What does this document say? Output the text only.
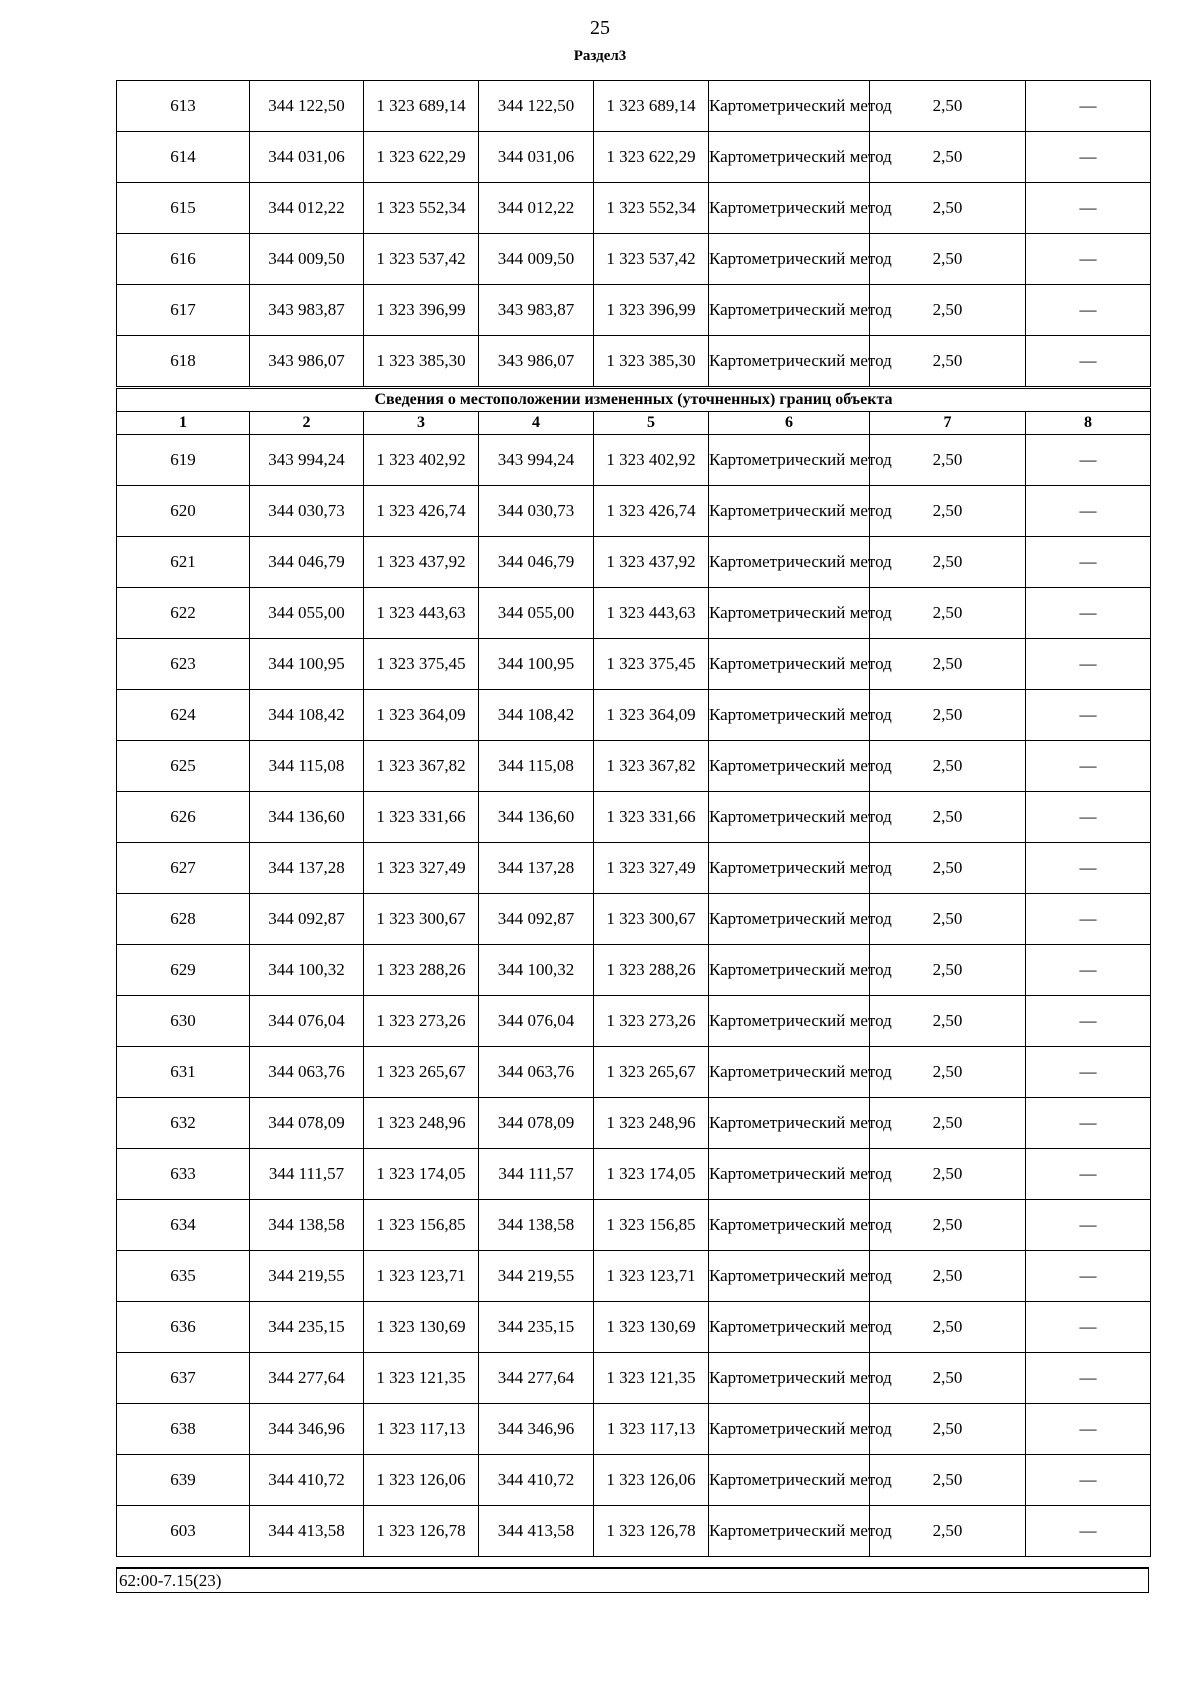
25
Раздел3
613	344 122,50	1 323 689,14	344 122,50	1 323 689,14	Картометрический метод	2,50	—
614	344 031,06	1 323 622,29	344 031,06	1 323 622,29	Картометрический метод	2,50	—
615	344 012,22	1 323 552,34	344 012,22	1 323 552,34	Картометрический метод	2,50	—
616	344 009,50	1 323 537,42	344 009,50	1 323 537,42	Картометрический метод	2,50	—
617	343 983,87	1 323 396,99	343 983,87	1 323 396,99	Картометрический метод	2,50	—
618	343 986,07	1 323 385,30	343 986,07	1 323 385,30	Картометрический метод	2,50	—
Сведения о местоположении измененных (уточненных) границ объекта							
1	2	3	4	5	6	7	8
619	343 994,24	1 323 402,92	343 994,24	1 323 402,92	Картометрический метод	2,50	—
620	344 030,73	1 323 426,74	344 030,73	1 323 426,74	Картометрический метод	2,50	—
621	344 046,79	1 323 437,92	344 046,79	1 323 437,92	Картометрический метод	2,50	—
622	344 055,00	1 323 443,63	344 055,00	1 323 443,63	Картометрический метод	2,50	—
623	344 100,95	1 323 375,45	344 100,95	1 323 375,45	Картометрический метод	2,50	—
624	344 108,42	1 323 364,09	344 108,42	1 323 364,09	Картометрический метод	2,50	—
625	344 115,08	1 323 367,82	344 115,08	1 323 367,82	Картометрический метод	2,50	—
626	344 136,60	1 323 331,66	344 136,60	1 323 331,66	Картометрический метод	2,50	—
627	344 137,28	1 323 327,49	344 137,28	1 323 327,49	Картометрический метод	2,50	—
628	344 092,87	1 323 300,67	344 092,87	1 323 300,67	Картометрический метод	2,50	—
629	344 100,32	1 323 288,26	344 100,32	1 323 288,26	Картометрический метод	2,50	—
630	344 076,04	1 323 273,26	344 076,04	1 323 273,26	Картометрический метод	2,50	—
631	344 063,76	1 323 265,67	344 063,76	1 323 265,67	Картометрический метод	2,50	—
632	344 078,09	1 323 248,96	344 078,09	1 323 248,96	Картометрический метод	2,50	—
633	344 111,57	1 323 174,05	344 111,57	1 323 174,05	Картометрический метод	2,50	—
634	344 138,58	1 323 156,85	344 138,58	1 323 156,85	Картометрический метод	2,50	—
635	344 219,55	1 323 123,71	344 219,55	1 323 123,71	Картометрический метод	2,50	—
636	344 235,15	1 323 130,69	344 235,15	1 323 130,69	Картометрический метод	2,50	—
637	344 277,64	1 323 121,35	344 277,64	1 323 121,35	Картометрический метод	2,50	—
638	344 346,96	1 323 117,13	344 346,96	1 323 117,13	Картометрический метод	2,50	—
639	344 410,72	1 323 126,06	344 410,72	1 323 126,06	Картометрический метод	2,50	—
603	344 413,58	1 323 126,78	344 413,58	1 323 126,78	Картометрический метод	2,50	—
62:00-7.15(23)
